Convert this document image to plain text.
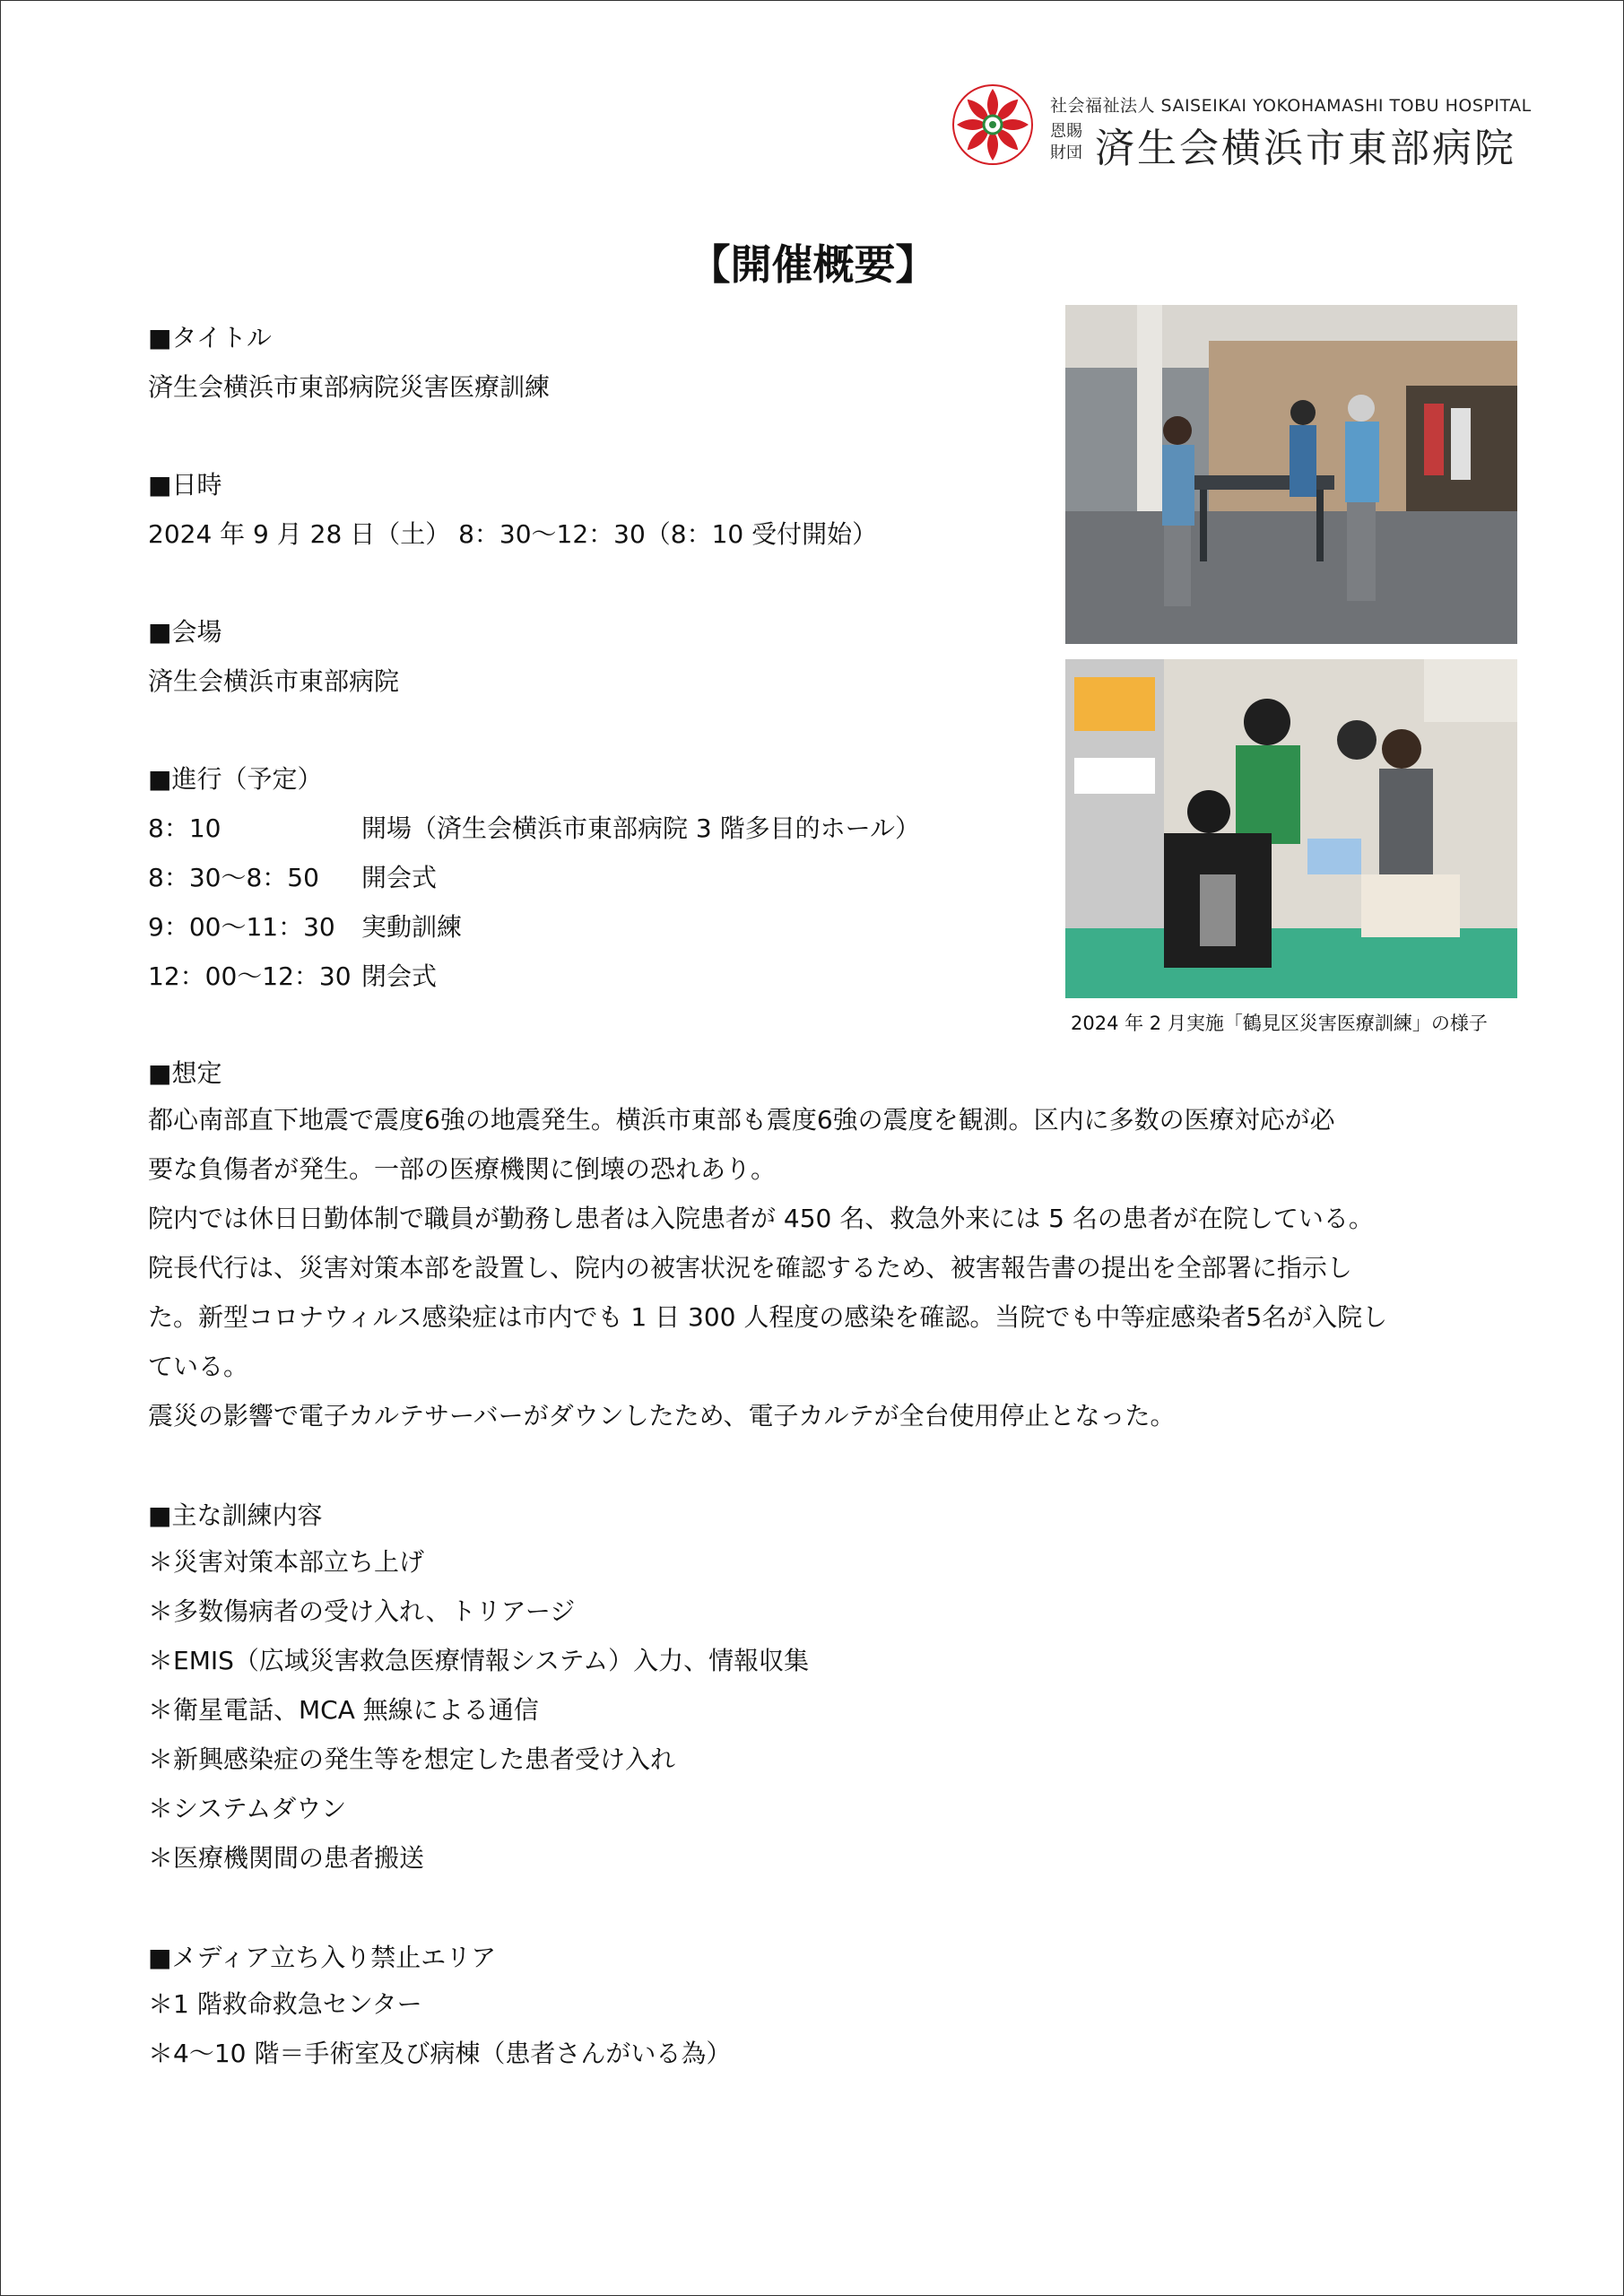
社会福祉法人 SAISEIKAI YOKOHAMASHI TOBU HOSPITAL
恩賜財団 済生会横浜市東部病院
【開催概要】
■タイトル
済生会横浜市東部病院災害医療訓練
■日時
2024 年 9 月 28 日（土） 8：30～12：30（8：10 受付開始）
■会場
済生会横浜市東部病院
■進行（予定）
8：10	開場（済生会横浜市東部病院 3 階多目的ホール）
8：30～8：50 開会式
9：00～11：30 実動訓練
12：00～12：30 閉会式
2024 年 2 月実施「鶴見区災害医療訓練」の様子
■想定

都心南部直下地震で震度6強の地震発生。横浜市東部も震度6強の震度を観測。区内に多数の医療対応が必

要な負傷者が発生。一部の医療機関に倒壊の恐れあり。

院内では休日日勤体制で職員が勤務し患者は入院患者が 450 名、救急外来には 5 名の患者が在院している。

院長代行は、災害対策本部を設置し、院内の被害状況を確認するため、被害報告書の提出を全部署に指示し

た。新型コロナウィルス感染症は市内でも 1 日 300 人程度の感染を確認。当院でも中等症感染者5名が入院し

ている。

震災の影響で電子カルテサーバーがダウンしたため、電子カルテが全台使用停止となった。

■主な訓練内容

＊災害対策本部立ち上げ

＊多数傷病者の受け入れ、トリアージ

＊EMIS（広域災害救急医療情報システム）入力、情報収集

＊衛星電話、MCA 無線による通信

＊新興感染症の発生等を想定した患者受け入れ

＊システムダウン

＊医療機関間の患者搬送

■メディア立ち入り禁止エリア

＊1 階救命救急センター

＊4～10 階＝手術室及び病棟（患者さんがいる為）
